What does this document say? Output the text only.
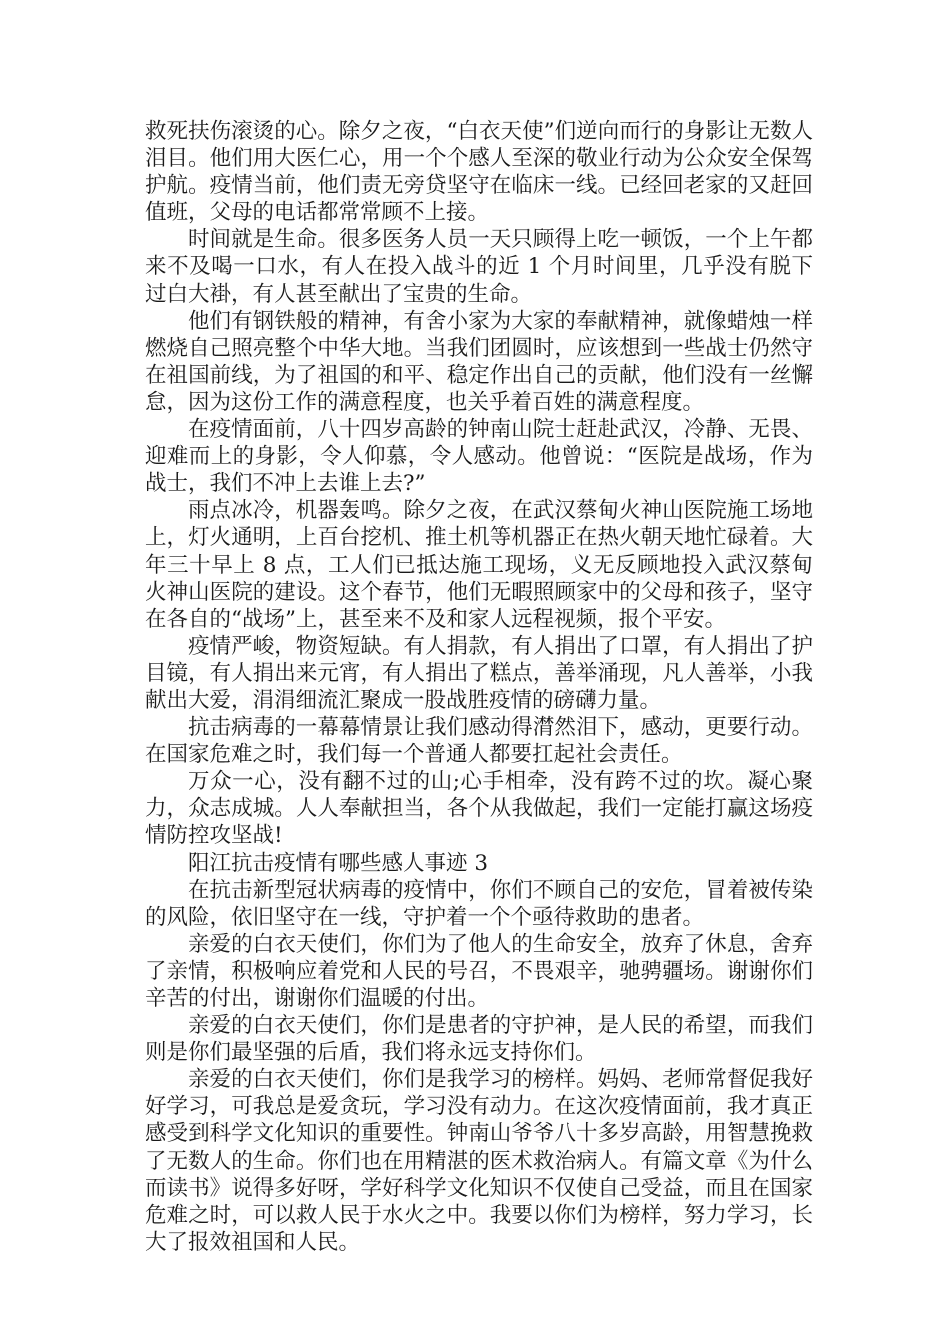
救死扶伤滚烫的心。除夕之夜，“白衣天使”们逆向而行的身影让无数人泪目。他们用大医仁心，用一个个感人至深的敬业行动为公众安全保驾护航。疫情当前，他们责无旁贷坚守在临床一线。已经回老家的又赶回值班，父母的电话都常常顾不上接。

时间就是生命。很多医务人员一天只顾得上吃一顿饭，一个上午都来不及喝一口水，有人在投入战斗的近 1 个月时间里，几乎没有脱下过白大褂，有人甚至献出了宝贵的生命。

他们有钢铁般的精神，有舍小家为大家的奉献精神，就像蜡烛一样燃烧自己照亮整个中华大地。当我们团圆时，应该想到一些战士仍然守在祖国前线，为了祖国的和平、稳定作出自己的贡献，他们没有一丝懈怠，因为这份工作的满意程度，也关乎着百姓的满意程度。

在疫情面前，八十四岁高龄的钟南山院士赶赴武汉，冷静、无畏、迎难而上的身影，令人仰慕，令人感动。他曾说：“医院是战场，作为战士，我们不冲上去谁上去?”

雨点冰冷，机器轰鸣。除夕之夜，在武汉蔡甸火神山医院施工场地上，灯火通明，上百台挖机、推土机等机器正在热火朝天地忙碌着。大年三十早上 8 点，工人们已抵达施工现场，义无反顾地投入武汉蔡甸火神山医院的建设。这个春节，他们无暇照顾家中的父母和孩子，坚守在各自的“战场”上，甚至来不及和家人远程视频，报个平安。

疫情严峻，物资短缺。有人捐款，有人捐出了口罩，有人捐出了护目镜，有人捐出来元宵，有人捐出了糕点，善举涌现，凡人善举，小我献出大爱，涓涓细流汇聚成一股战胜疫情的磅礴力量。

抗击病毒的一幕幕情景让我们感动得潸然泪下，感动，更要行动。在国家危难之时，我们每一个普通人都要扛起社会责任。

万众一心，没有翻不过的山;心手相牵，没有跨不过的坎。凝心聚力，众志成城。人人奉献担当，各个从我做起，我们一定能打赢这场疫情防控攻坚战!

阳江抗击疫情有哪些感人事迹 3

在抗击新型冠状病毒的疫情中，你们不顾自己的安危，冒着被传染的风险，依旧坚守在一线，守护着一个个亟待救助的患者。

亲爱的白衣天使们，你们为了他人的生命安全，放弃了休息，舍弃了亲情，积极响应着党和人民的号召，不畏艰辛，驰骋疆场。谢谢你们辛苦的付出，谢谢你们温暖的付出。

亲爱的白衣天使们，你们是患者的守护神，是人民的希望，而我们则是你们最坚强的后盾，我们将永远支持你们。

亲爱的白衣天使们，你们是我学习的榜样。妈妈、老师常督促我好好学习，可我总是爱贪玩，学习没有动力。在这次疫情面前，我才真正感受到科学文化知识的重要性。钟南山爷爷八十多岁高龄，用智慧挽救了无数人的生命。你们也在用精湛的医术救治病人。有篇文章《为什么而读书》说得多好呀，学好科学文化知识不仅使自己受益，而且在国家危难之时，可以救人民于水火之中。我要以你们为榜样，努力学习，长大了报效祖国和人民。
